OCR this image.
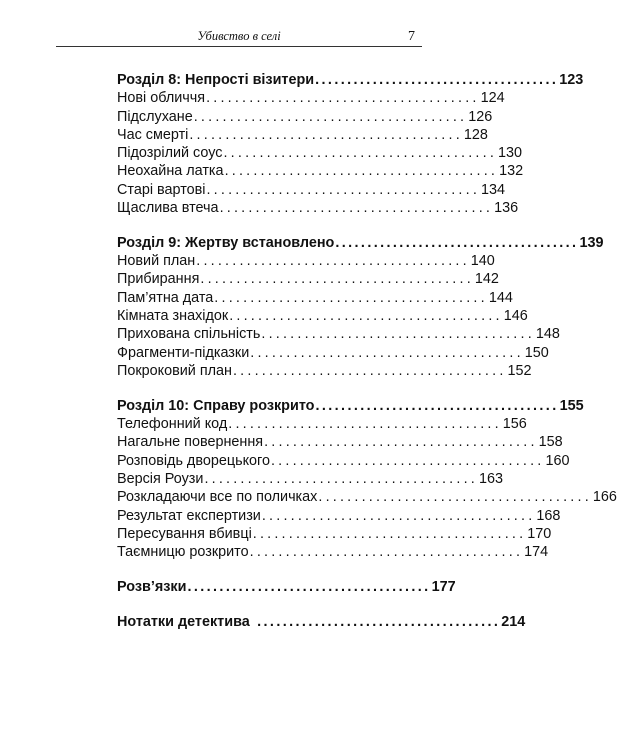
Убивство в селі	7
Розділ 8: Непрості візитери ...................................... 123
Нові обличчя ...................................... 124
Підслухане ...................................... 126
Час смерті ...................................... 128
Підозрілий соус ...................................... 130
Неохайна латка ...................................... 132
Старі вартові ...................................... 134
Щаслива втеча ...................................... 136
Розділ 9: Жертву встановлено ...................................... 139
Новий план ...................................... 140
Прибирання ...................................... 142
Пам’ятна дата ...................................... 144
Кімната знахідок ...................................... 146
Прихована спільність ...................................... 148
Фрагменти-підказки ...................................... 150
Покроковий план ...................................... 152
Розділ 10: Справу розкрито ...................................... 155
Телефонний код ...................................... 156
Нагальне повернення ...................................... 158
Розповідь дворецького ...................................... 160
Версія Роузи ...................................... 163
Розкладаючи все по поличках ...................................... 166
Результат експертизи ...................................... 168
Пересування вбивці ...................................... 170
Таємницю розкрито ...................................... 174
Розв’язки ...................................... 177
Нотатки детектива ...................................... 214
